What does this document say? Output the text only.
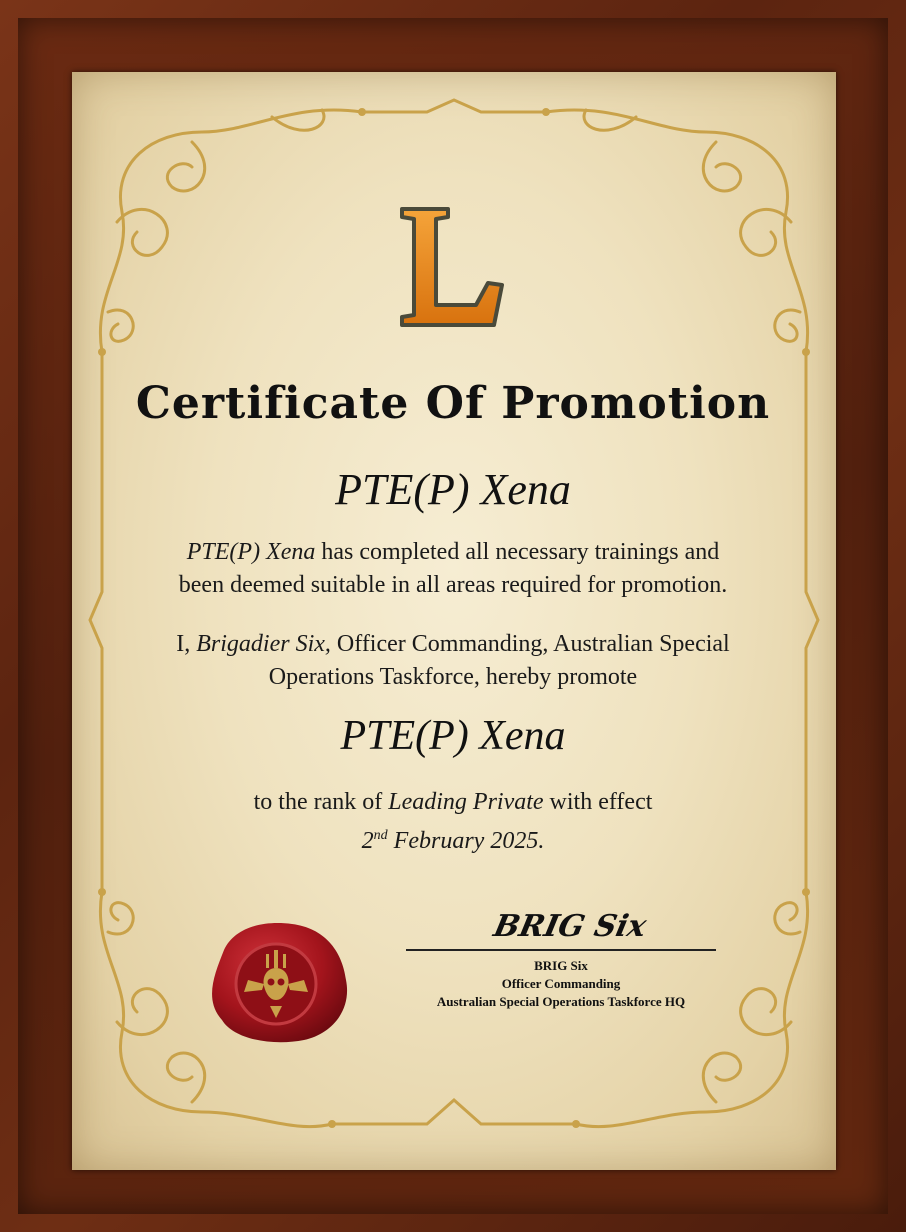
L
Certificate Of Promotion
PTE(P) Xena
PTE(P) Xena has completed all necessary trainings and
been deemed suitable in all areas required for promotion.
I, Brigadier Six, Officer Commanding, Australian Special
Operations Taskforce, hereby promote
PTE(P) Xena
to the rank of Leading Private with effect
2nd February 2025.
BRIG Six
BRIG Six
Officer Commanding
Australian Special Operations Taskforce HQ
